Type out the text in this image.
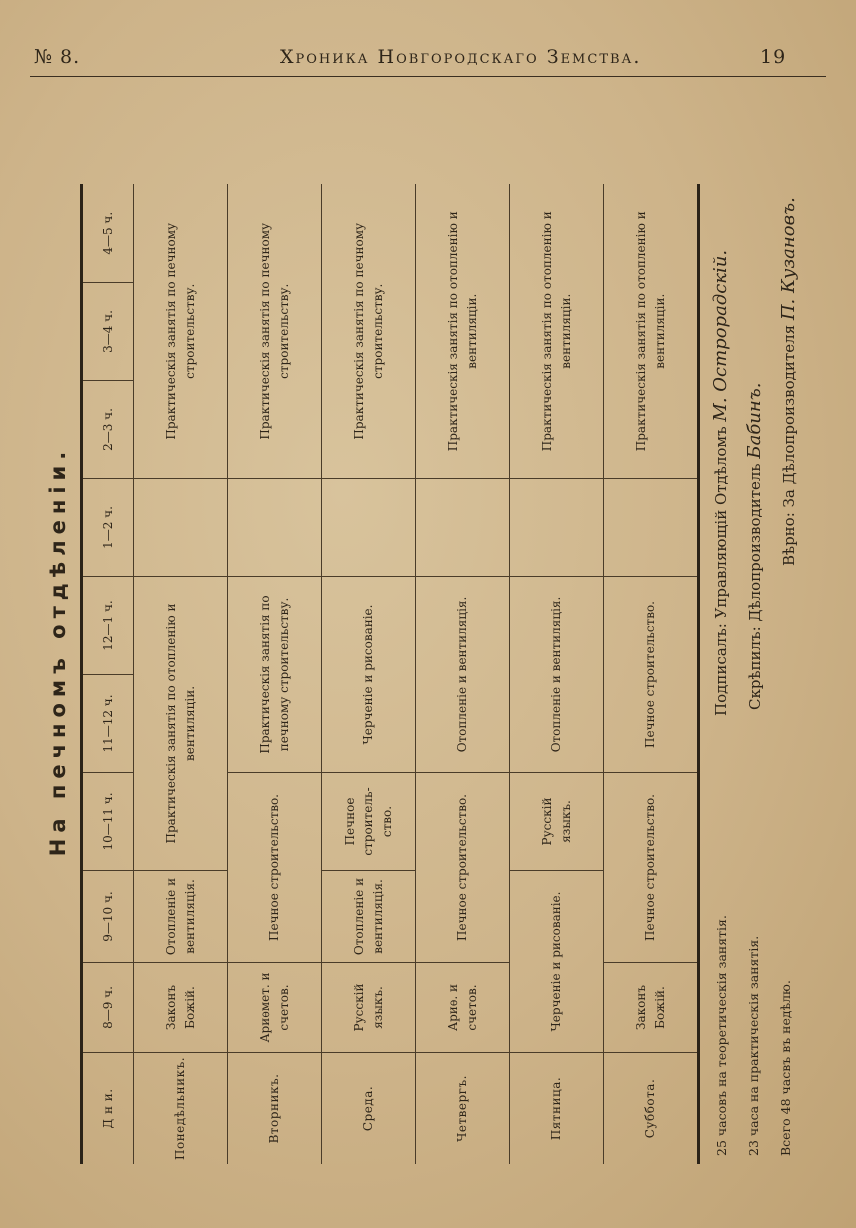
№ 8.	Хроника Новгородскаго Земства.	19
На печномъ отдѣленіи.
Д н и.	8—9 ч.	9—10 ч.	10—11 ч.	11—12 ч.	12—1 ч.	1—2 ч.	2—3 ч.	3—4 ч.	4—5 ч.
Понедѣльникъ.	Законъ Божій.	Отопленіе и вентиляція.	Практическія занятія по отопленію и вентиляціи.				Практическія занятія по печному строительству.		
Вторникъ.	Ариѳмет. и счетов.	Печное строительство.		Практическія занятія по печному строительству.			Практическія занятія по печному строительству.		
Среда.	Русскій языкъ.	Отопленіе и вентиляція.	Печное строитель-ство.	Черченіе и рисованіе.			Практическія занятія по печному строительству.		
Четвергъ.	Ариѳ. и счетов.	Печное строительство.		Отопленіе и вентиляція.			Практическія занятія по отопленію и вентиляціи.		
Пятница.	Черченіе и рисованіе.		Русскій языкъ.	Отопленіе и вентиляція.			Практическія занятія по отопленію и вентиляціи.		
Суббота.	Законъ Божій.	Печное строительство.		Печное строительство.			Практическія занятія по отопленію и вентиляціи.		
25 часовъ на теоретическія занятія. 23 часа на практическія занятія. Всего 48 часвъ въ недѣлю.
Подписалъ: Управляющій Отдѣломъ М. Острорадскій.
Скрѣпилъ: Дѣлопроизводитель Бабинъ. Вѣрно: За Дѣлопроизводителя П. Кузановъ.
